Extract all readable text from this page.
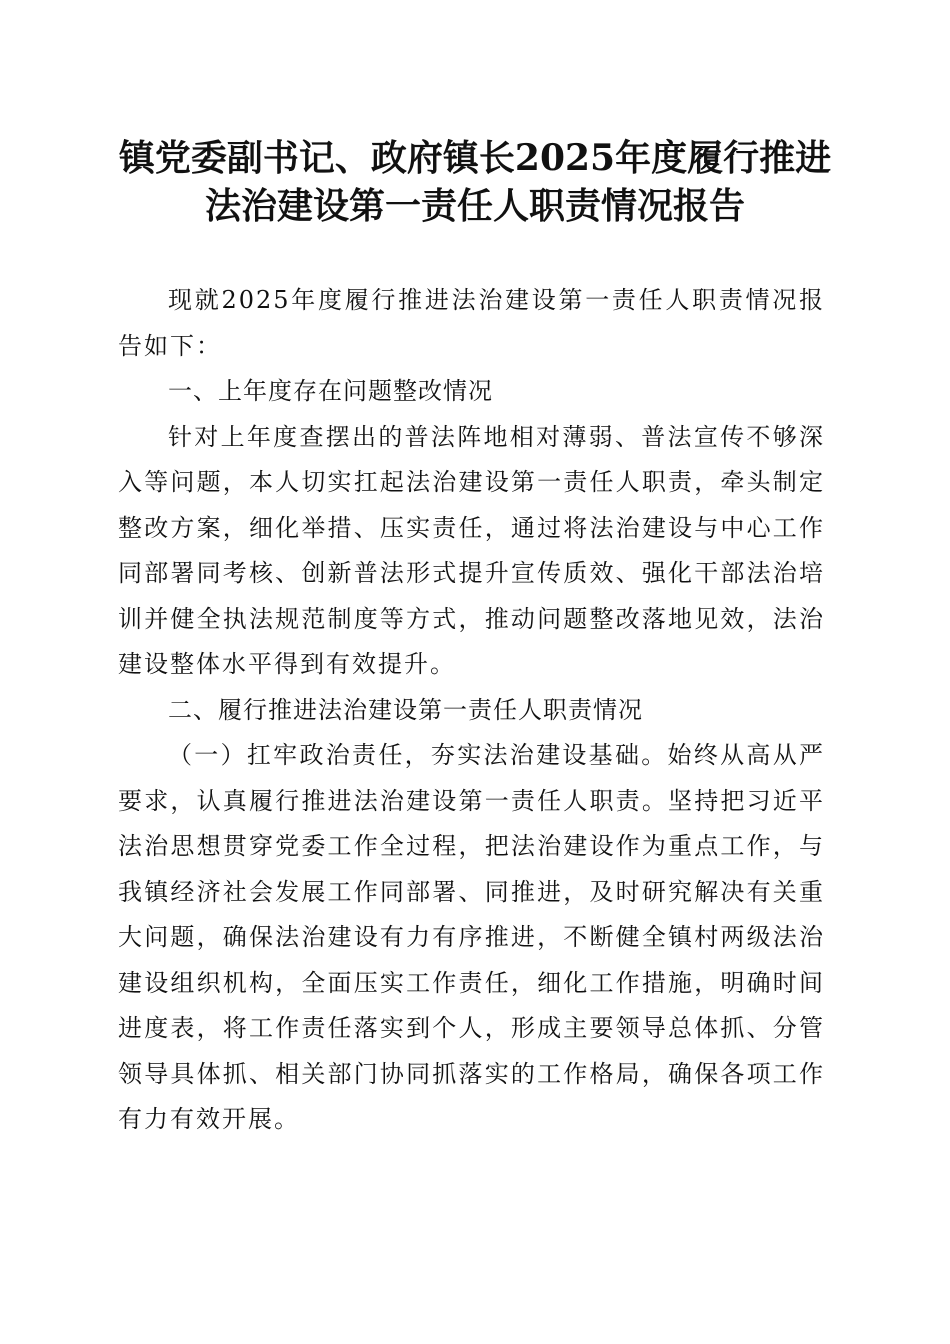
镇党委副书记、政府镇长2025年度履行推进
法治建设第一责任人职责情况报告

现就2025年度履行推进法治建设第一责任人职责情况报告如下：

一、上年度存在问题整改情况

针对上年度查摆出的普法阵地相对薄弱、普法宣传不够深入等问题，本人切实扛起法治建设第一责任人职责，牵头制定整改方案，细化举措、压实责任，通过将法治建设与中心工作同部署同考核、创新普法形式提升宣传质效、强化干部法治培训并健全执法规范制度等方式，推动问题整改落地见效，法治建设整体水平得到有效提升。

二、履行推进法治建设第一责任人职责情况

（一）扛牢政治责任，夯实法治建设基础。始终从高从严要求，认真履行推进法治建设第一责任人职责。坚持把习近平法治思想贯穿党委工作全过程，把法治建设作为重点工作，与我镇经济社会发展工作同部署、同推进，及时研究解决有关重大问题，确保法治建设有力有序推进，不断健全镇村两级法治建设组织机构，全面压实工作责任，细化工作措施，明确时间进度表，将工作责任落实到个人，形成主要领导总体抓、分管领导具体抓、相关部门协同抓落实的工作格局，确保各项工作有力有效开展。
